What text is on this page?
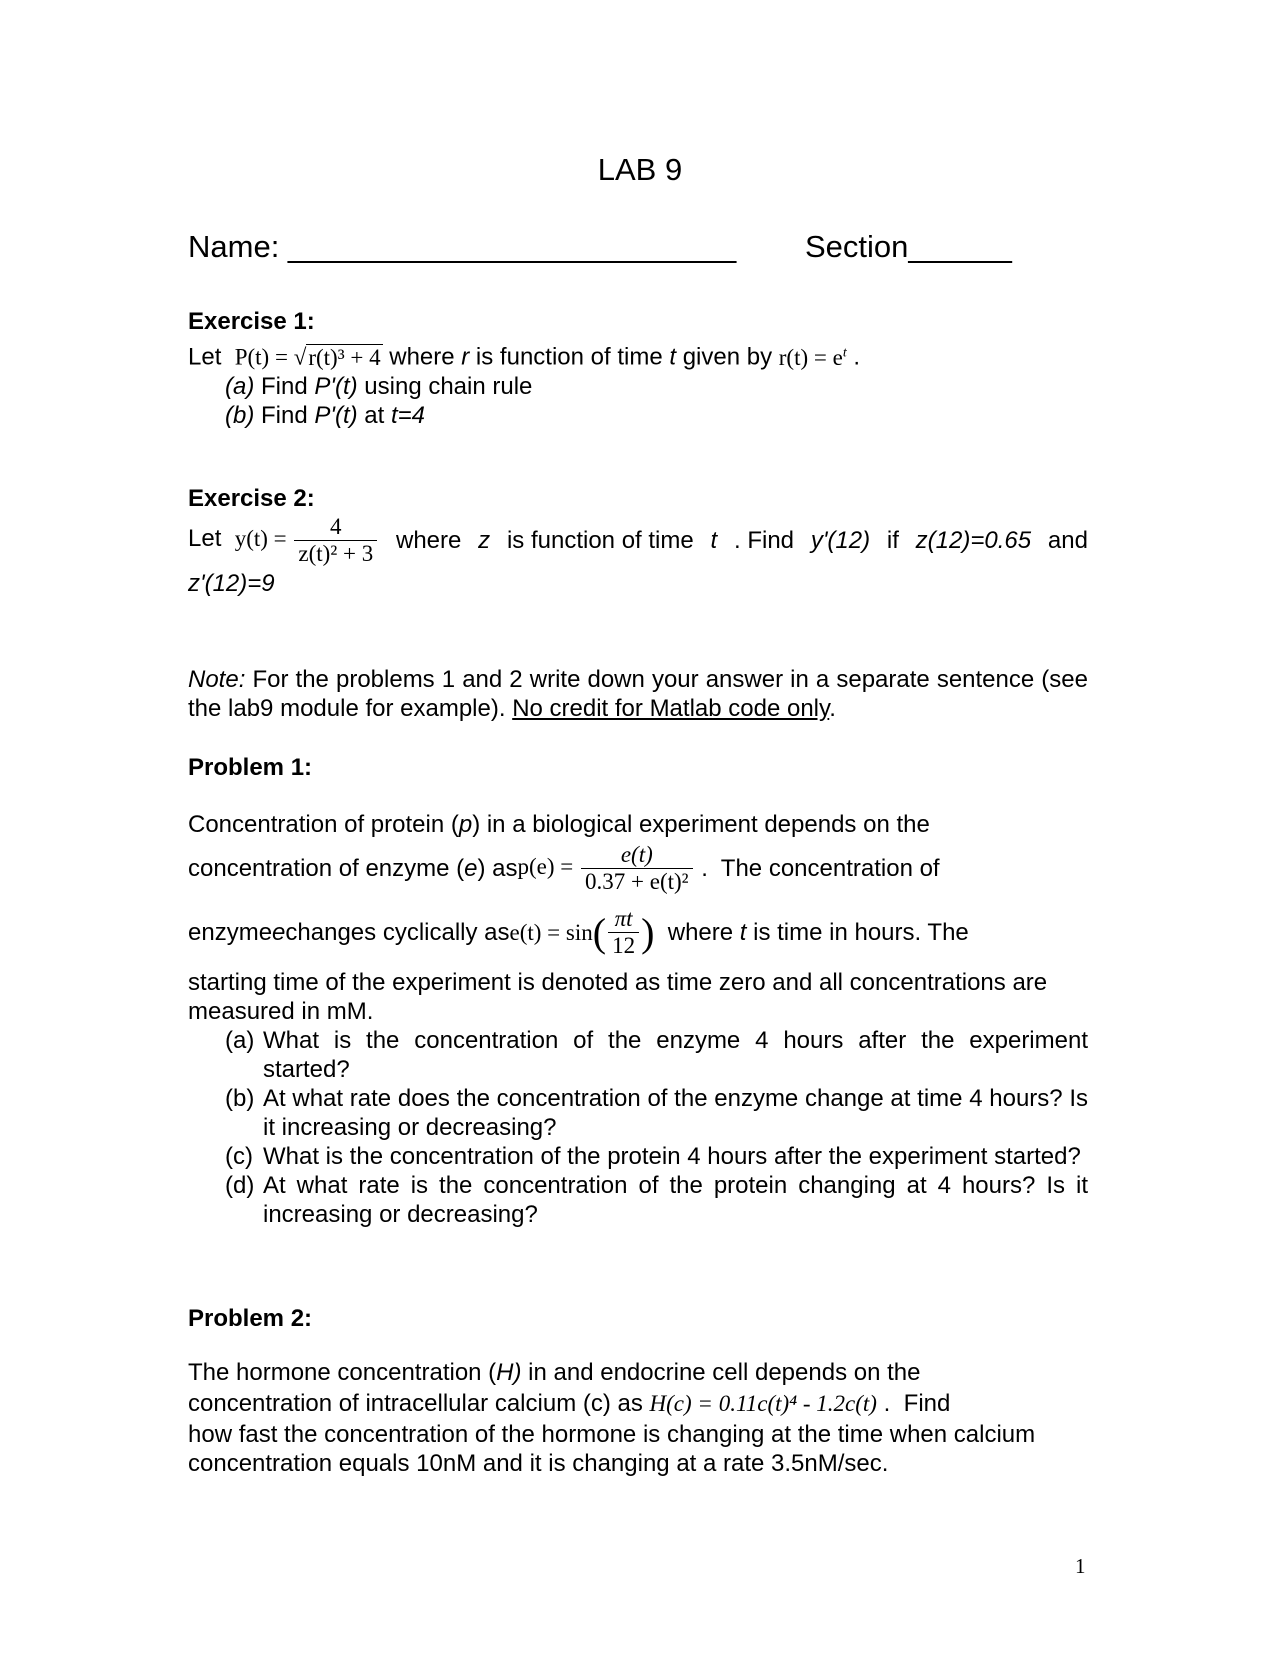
LAB 9
Name: __________________________ Section______
Exercise 1:
Let P(t) = √r(t)³ + 4 where r is function of time t given by $r(t) = e^t$ .
(a) Find P'(t) using chain rule
(b) Find P'(t) at t=4
Exercise 2:
Let $y(t) = \frac{4}{\text{z(t)² + 3}}$ where z is function of time t . Find y'(12) if z(12)=0.65 and
z'(12)=9
Note: For the problems 1 and 2 write down your answer in a separate sentence (see the lab9 module for example). No credit for Matlab code only.
Problem 1:
Concentration of protein (p) in a biological experiment depends on the
concentration of enzyme ( e ) as $p(e) = \frac{e(t)}{\text{0.37 + e(t)²}}$ .  The concentration of
enzyme e changes cyclically as e(t) = sin ( $\frac{\pi t}{12}$ ) where t is time in hours. The
starting time of the experiment is denoted as time zero and all concentrations are measured in mM.
(a) What is the concentration of the enzyme 4 hours after the experiment started?
(b) At what rate does the concentration of the enzyme change at time 4 hours? Is it increasing or decreasing?
(c) What is the concentration of the protein 4 hours after the experiment started?
(d) At what rate is the concentration of the protein changing at 4 hours? Is it increasing or decreasing?
Problem 2:
The hormone concentration (H) in and endocrine cell depends on the
concentration of intracellular calcium (c) as H(c) = 0.11c(t)⁴ - 1.2c(t) .  Find
how fast the concentration of the hormone is changing at the time when calcium concentration equals 10nM and it is changing at a rate 3.5nM/sec.
1
